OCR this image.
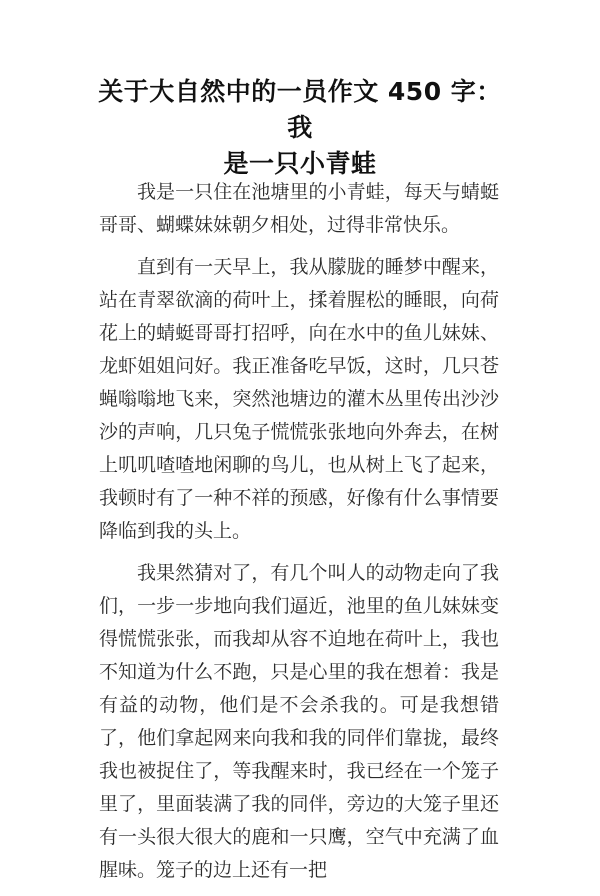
关于大自然中的一员作文 450 字：我
是一只小青蛙

我是一只住在池塘里的小青蛙，每天与蜻蜓哥哥、蝴蝶妹妹朝夕相处，过得非常快乐。

直到有一天早上，我从朦胧的睡梦中醒来，站在青翠欲滴的荷叶上，揉着腥松的睡眼，向荷花上的蜻蜓哥哥打招呼，向在水中的鱼儿妹妹、龙虾姐姐问好。我正准备吃早饭，这时，几只苍蝇嗡嗡地飞来，突然池塘边的灌木丛里传出沙沙沙的声响，几只兔子慌慌张张地向外奔去，在树上叽叽喳喳地闲聊的鸟儿，也从树上飞了起来，我顿时有了一种不祥的预感，好像有什么事情要降临到我的头上。

我果然猜对了，有几个叫人的动物走向了我们，一步一步地向我们逼近，池里的鱼儿妹妹变得慌慌张张，而我却从容不迫地在荷叶上，我也不知道为什么不跑，只是心里的我在想着：我是有益的动物，他们是不会杀我的。可是我想错了，他们拿起网来向我和我的同伴们靠拢，最终我也被捉住了，等我醒来时，我已经在一个笼子里了，里面装满了我的同伴，旁边的大笼子里还有一头很大很大的鹿和一只鹰，空气中充满了血腥味。笼子的边上还有一把
